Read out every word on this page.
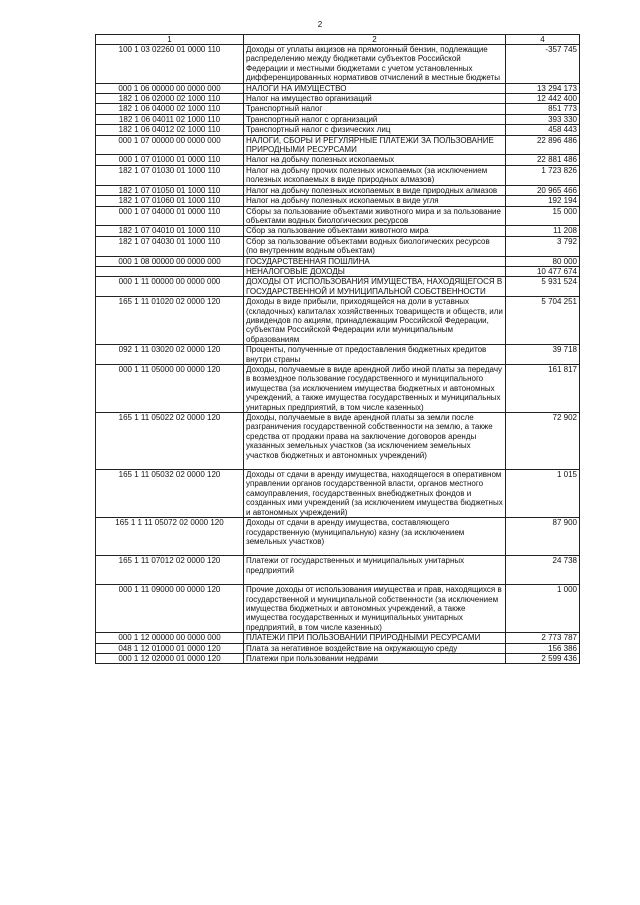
2
1	2	4
100 1 03 02260 01 0000 110	Доходы от уплаты акцизов на прямогонный бензин, подлежащие распределению между бюджетами субъектов Российской Федерации и местными бюджетами с учетом установленных дифференцированных нормативов отчислений в местные бюджеты	-357 745
000 1 06 00000 00 0000 000	НАЛОГИ НА ИМУЩЕСТВО	13 294 173
182 1 06 02000 02 1000 110	Налог на имущество организаций	12 442 400
182 1 06 04000 02 1000 110	Транспортный налог	851 773
182 1 06 04011 02 1000 110	Транспортный налог с организаций	393 330
182 1 06 04012 02 1000 110	Транспортный налог с физических лиц	458 443
000 1 07 00000 00 0000 000	НАЛОГИ, СБОРЫ И РЕГУЛЯРНЫЕ ПЛАТЕЖИ ЗА ПОЛЬЗОВАНИЕ ПРИРОДНЫМИ РЕСУРСАМИ	22 896 486
000 1 07 01000 01 0000 110	Налог на добычу полезных ископаемых	22 881 486
182 1 07 01030 01 1000 110	Налог на добычу прочих полезных ископаемых (за исключением полезных ископаемых в виде природных алмазов)	1 723 826
182 1 07 01050 01 1000 110	Налог на добычу полезных ископаемых в виде природных алмазов	20 965 466
182 1 07 01060 01 1000 110	Налог на добычу полезных ископаемых в виде угля	192 194
000 1 07 04000 01 0000 110	Сборы за пользование объектами животного мира и за пользование объектами водных биологических ресурсов	15 000
182 1 07 04010 01 1000 110	Сбор за пользование объектами животного мира	11 208
182 1 07 04030 01 1000 110	Сбор за пользование объектами водных биологических ресурсов (по внутренним водным объектам)	3 792
000 1 08 00000 00 0000 000	ГОСУДАРСТВЕННАЯ ПОШЛИНА	80 000
	НЕНАЛОГОВЫЕ ДОХОДЫ	10 477 674
000 1 11 00000 00 0000 000	ДОХОДЫ ОТ ИСПОЛЬЗОВАНИЯ ИМУЩЕСТВА, НАХОДЯЩЕГОСЯ В ГОСУДАРСТВЕННОЙ И МУНИЦИПАЛЬНОЙ СОБСТВЕННОСТИ	5 931 524
165 1 11 01020 02 0000 120	Доходы в виде прибыли, приходящейся на доли в уставных (складочных) капиталах хозяйственных товариществ и обществ, или дивидендов по акциям, принадлежащим Российской Федерации, субъектам Российской Федерации или муниципальным образованиям	5 704 251
092 1 11 03020 02 0000 120	Проценты, полученные от предоставления бюджетных кредитов внутри страны	39 718
000 1 11 05000 00 0000 120	Доходы, получаемые в виде арендной либо иной платы за передачу в возмездное пользование государственного и муниципального имущества (за исключением имущества бюджетных и автономных учреждений, а также имущества государственных и муниципальных унитарных предприятий, в том числе казенных)	161 817
165 1 11 05022 02 0000 120	Доходы, получаемые в виде арендной платы за земли после разграничения государственной собственности на землю, а также средства от продажи права на заключение договоров аренды указанных земельных участков (за исключением земельных участков бюджетных и автономных учреждений)	72 902
165 1 11 05032 02 0000 120	Доходы от сдачи в аренду имущества, находящегося в оперативном управлении органов государственной власти, органов местного самоуправления, государственных внебюджетных фондов и созданных ими учреждений (за исключением имущества бюджетных и автономных учреждений)	1 015
165 1 1 11 05072 02 0000 120	Доходы от сдачи в аренду имущества, составляющего государственную (муниципальную) казну (за исключением земельных участков)	87 900
165 1 11 07012 02 0000 120	Платежи от государственных и муниципальных унитарных предприятий	24 738
000 1 11 09000 00 0000 120	Прочие доходы от использования имущества и прав, находящихся в государственной и муниципальной собственности (за исключением имущества бюджетных и автономных учреждений, а также имущества государственных и муниципальных унитарных предприятий, в том числе казенных)	1 000
000 1 12 00000 00 0000 000	ПЛАТЕЖИ ПРИ ПОЛЬЗОВАНИИ ПРИРОДНЫМИ РЕСУРСАМИ	2 773 787
048 1 12 01000 01 0000 120	Плата за негативное воздействие на окружающую среду	156 386
000 1 12 02000 01 0000 120	Платежи при пользовании недрами	2 599 436
